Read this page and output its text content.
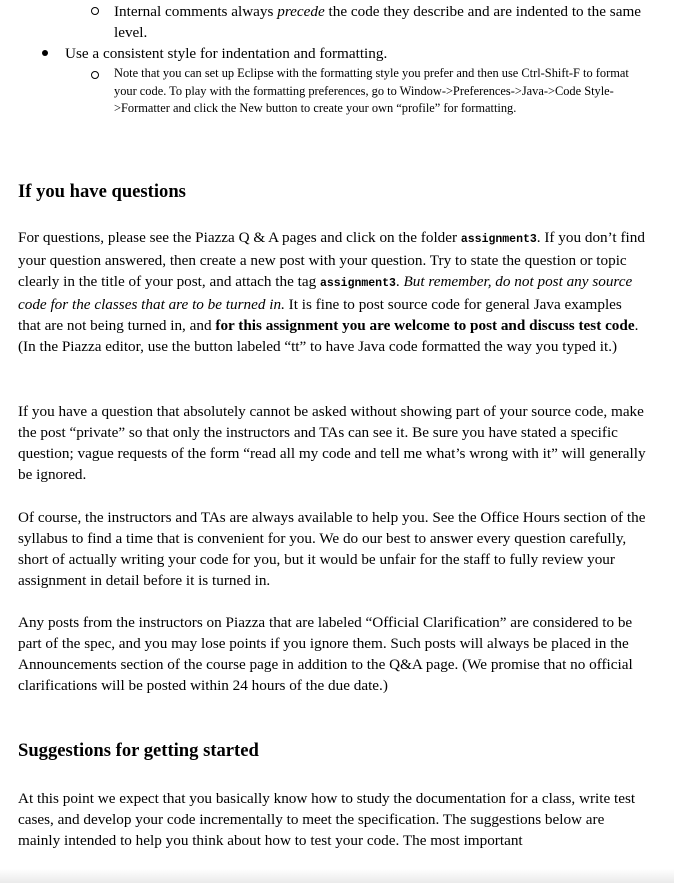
Internal comments always precede the code they describe and are indented to the same level.
Use a consistent style for indentation and formatting.
Note that you can set up Eclipse with the formatting style you prefer and then use Ctrl-Shift-F to format your code. To play with the formatting preferences, go to Window->Preferences->Java->Code Style->Formatter and click the New button to create your own “profile” for formatting.
If you have questions
For questions, please see the Piazza Q & A pages and click on the folder assignment3. If you don’t find your question answered, then create a new post with your question. Try to state the question or topic clearly in the title of your post, and attach the tag assignment3. But remember, do not post any source code for the classes that are to be turned in. It is fine to post source code for general Java examples that are not being turned in, and for this assignment you are welcome to post and discuss test code. (In the Piazza editor, use the button labeled “tt” to have Java code formatted the way you typed it.)
If you have a question that absolutely cannot be asked without showing part of your source code, make the post “private” so that only the instructors and TAs can see it. Be sure you have stated a specific question; vague requests of the form “read all my code and tell me what’s wrong with it” will generally be ignored.
Of course, the instructors and TAs are always available to help you. See the Office Hours section of the syllabus to find a time that is convenient for you. We do our best to answer every question carefully, short of actually writing your code for you, but it would be unfair for the staff to fully review your assignment in detail before it is turned in.
Any posts from the instructors on Piazza that are labeled “Official Clarification” are considered to be part of the spec, and you may lose points if you ignore them. Such posts will always be placed in the Announcements section of the course page in addition to the Q&A page. (We promise that no official clarifications will be posted within 24 hours of the due date.)
Suggestions for getting started
At this point we expect that you basically know how to study the documentation for a class, write test cases, and develop your code incrementally to meet the specification. The suggestions below are mainly intended to help you think about how to test your code. The most important
